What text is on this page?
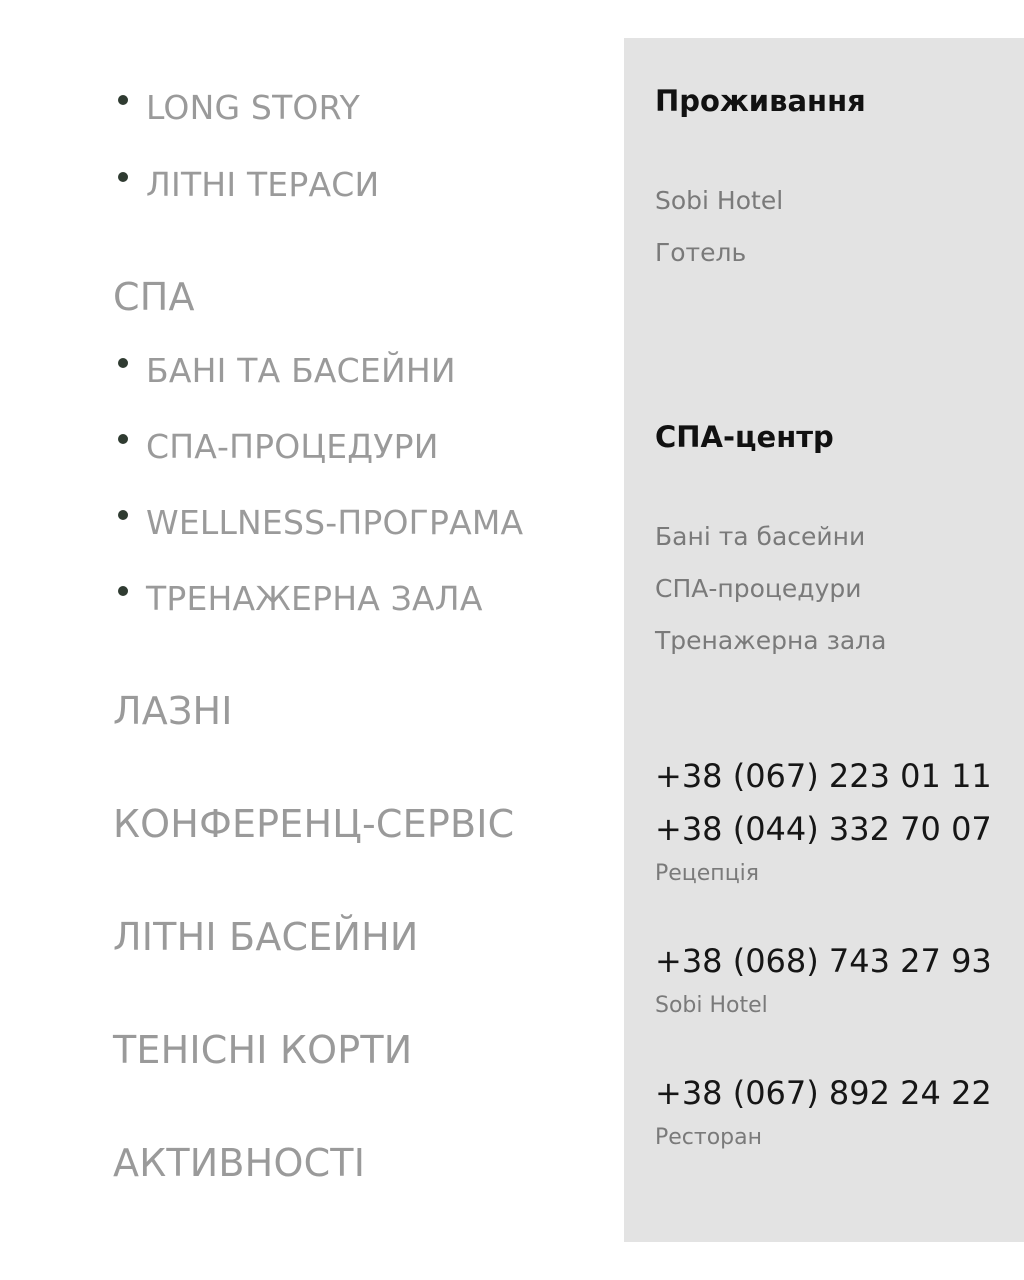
LONG STORY
ЛІТНІ ТЕРАСИ
СПА
БАНІ ТА БАСЕЙНИ
СПА-ПРОЦЕДУРИ
WELLNESS-ПРОГРАМА
ТРЕНАЖЕРНА ЗАЛА
ЛАЗНІ
КОНФЕРЕНЦ-СЕРВІС
ЛІТНІ БАСЕЙНИ
ТЕНІСНІ КОРТИ
АКТИВНОСТІ
Проживання
Sobi Hotel
Готель
СПА-центр
Бані та басейни
СПА-процедури
Тренажерна зала
+38 (067) 223 01 11
+38 (044) 332 70 07
Рецепція
+38 (068) 743 27 93
Sobi Hotel
+38 (067) 892 24 22
Ресторан
